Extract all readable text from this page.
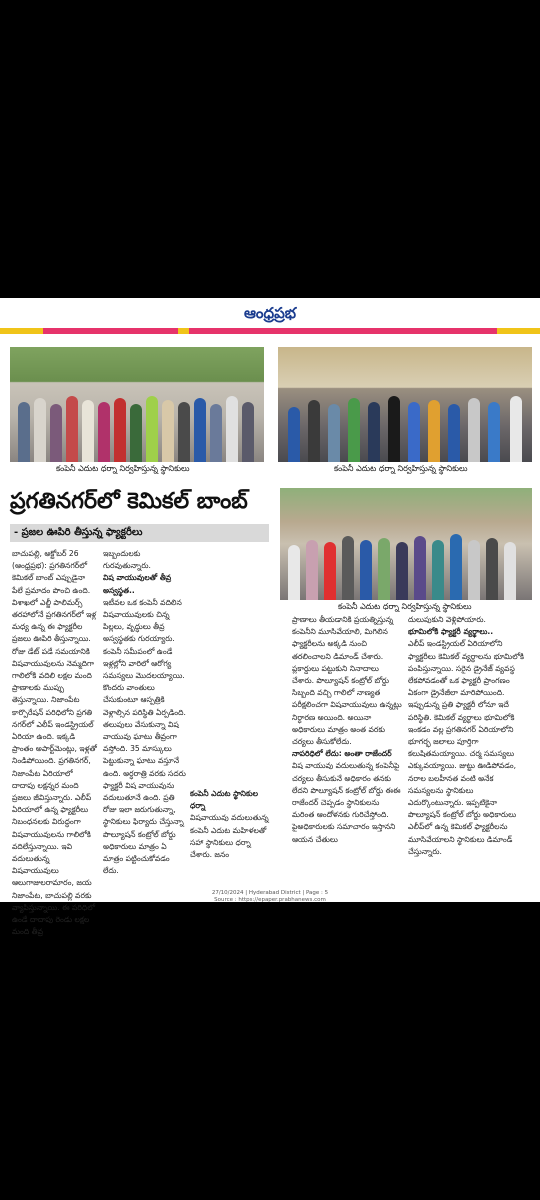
ఆంధ్రప్రభ
కంపెనీ ఎదుట ధర్నా నిర్వహిస్తున్న స్థానికులు	కంపెనీ ఎదుట ధర్నా నిర్వహిస్తున్న స్థానికులు
ప్రగతినగర్‌లో కెమికల్ బాంబ్
- ప్రజల ఊపిరి తీస్తున్న ఫ్యాక్టరీలు
కంపెనీ ఎదుట ధర్నా నిర్వహిస్తున్న స్థానికులు

బాచుపల్లి, అక్టోబర్ 26 (ఆంధ్రప్రభ): ప్రగతినగర్‌లో కెమికల్ బాంబ్ ఎప్పుడైనా పేలే ప్రమాదం పొంచి ఉంది. విశాఖలో ఎల్జీ పాలిమర్స్ తరహాలోనే ప్రగతినగర్‌లో ఇళ్ల మధ్య ఉన్న ఈ ఫ్యాక్టరీల ప్రజలు ఊపిరి తీస్తున్నాయి. రోజు డేట్ పడే సమయానికి విషవాయువులను నెమ్మదిగా గాలిలోకి వదిలి లక్షల మంది ప్రాణాలకు ముప్పు తెస్తున్నాయి. నిజాంపేట కార్పొరేషన్ పరిధిలోని ప్రగతి నగర్‌లో ఎలీప్ ఇండస్ట్రియల్ ఏరియా ఉంది. ఇక్కడి ప్రాంతం అపార్ట్‌మెంట్లు, ఇళ్లతో నిండిపోయింది. ప్రగతినగర్, నిజాంపేట ఏరియాలో దాదాపు లక్షన్నర మంది ప్రజలు జీవిస్తున్నారు. ఎలీప్ ఏరియాలో ఉన్న ఫ్యాక్టరీలు నిబంధనలకు విరుద్ధంగా విషవాయువులను గాలిలోకి వదిలేస్తున్నాయి. ఇవి వదులుతున్న విషవాయువులు ఆలుగాజులరామారం, జయ నిజాంపేట, బాచుపల్లి వరకు వ్యాపిస్తున్నాయి. ఈ పరిధిలో ఉండే దాదాపు రెండు లక్షల మంది తీవ్ర

ఇబ్బందులకు గురవుతున్నారు.

విష వాయువులతో తీవ్ర అస్వస్థత..

ఇటీవల ఒక కంపెనీ వదిలిన విషవాయువులకు చిన్న పిల్లలు, వృద్ధులు తీవ్ర అస్వస్థతకు గురయ్యారు. కంపెనీ సమీపంలో ఉండే ఇళ్లల్లోని వారిలో ఆరోగ్య సమస్యలు మొదలయ్యాయి. కొందరు వాంతులు చేసుకుంటూ ఆస్పత్రికి వెళ్లాల్సిన పరిస్థితి ఏర్పడింది. తలుపులు వేసుకున్నా విష వాయువు ఘాటు తీవ్రంగా వస్తోంది. 35 మాస్కులు పెట్టుకున్నా ఘాటు వస్తూనే ఉంది. అర్ధరాత్రి వరకు సదరు ఫ్యాక్టరీ విష వాయువును వదులుతూనే ఉంది. ప్రతి రోజు ఇలా జరుగుతున్నా, స్థానికులు ఫిర్యాదు చేస్తున్నా పొల్యూషన్ కంట్రోల్ బోర్డు అధికారులు మాత్రం ఏ మాత్రం పట్టించుకోవడం లేదు.

కంపెనీ ఎదుట స్థానికుల ధర్నా

విషవాయువు వదులుతున్న కంపెనీ ఎదుట మహిళలతో సహా స్థానికులు ధర్నా చేశారు. జనం

ప్రాణాలు తీయడానికి ప్రయత్నిస్తున్న కంపెనీని మూసివేయాలి, మిగిలిన ఫ్యాక్టరీలను అక్కడి నుంచి తరలించాలని డిమాండ్ చేశారు. ప్లకార్డులు పట్టుకుని నినాదాలు చేశారు. పొల్యూషన్ కంట్రోల్ బోర్డు సిబ్బంది వచ్చి గాలిలో నాణ్యత పరీక్షలించగా విషవాయువులు ఉన్నట్లు నిర్ధారణ అయింది. అయినా అధికారులు మాత్రం అంత వరకు చర్యలు తీసుకోలేదు.

నాపరిధిలో లేదు: అంతా రాజేందర్

విష వాయువు వదులుతున్న కంపెనీపై చర్యలు తీసుకునే అధికారం తనకు లేదని పొల్యూషన్ కంట్రోల్ బోర్డు ఈఈ రాజేందర్ చెప్పడం స్థానికులను మరింత ఆందోళనకు గురిచేస్తోంది. పైఅధికారులకు సమాచారం ఇస్తానని ఆయన చేతులు

దులుపుకుని వెళ్లిపోయారు.

భూమిలోకి ఫ్యాక్టరీ వ్యర్థాలు..

ఎలీప్ ఇండస్ట్రియల్ ఏరియాలోని ఫ్యాక్టరీలు కెమికల్ వ్యర్థాలను భూమిలోకి పంపిస్తున్నాయి. సరైన డ్రైనేజ్ వ్యవస్థ లేకపోవడంతో ఒక ఫ్యాక్టరీ ప్రాంగణం ఏకంగా డ్రైనేజీలా మారిపోయింది. ఇప్పుడున్న ప్రతి ఫ్యాక్టరీ లోనూ ఇదే పరిస్థితి. కెమికల్ వ్యర్థాలు భూమిలోకి ఇంకడం వల్ల ప్రగతినగర్ ఏరియాలోని భూగర్భ జలాలు పూర్తిగా కలుషితమయ్యాయి. చర్మ సమస్యలు ఎక్కువయ్యాయి. జుట్టు ఊడిపోవడం, నరాల బలహీనత వంటి అనేక సమస్యలను స్థానికులు ఎదుర్కొంటున్నారు. ఇప్పటికైనా పొల్యూషన్ కంట్రోల్ బోర్డు అధికారులు ఎలీప్‌లో ఉన్న కెమికల్ ఫ్యాక్టరీలను మూసివేయాలని స్థానికులు డిమాండ్ చేస్తున్నారు.

27/10/2024 | Hyderabad District | Page : 5
Source : https://epaper.prabhanews.com
